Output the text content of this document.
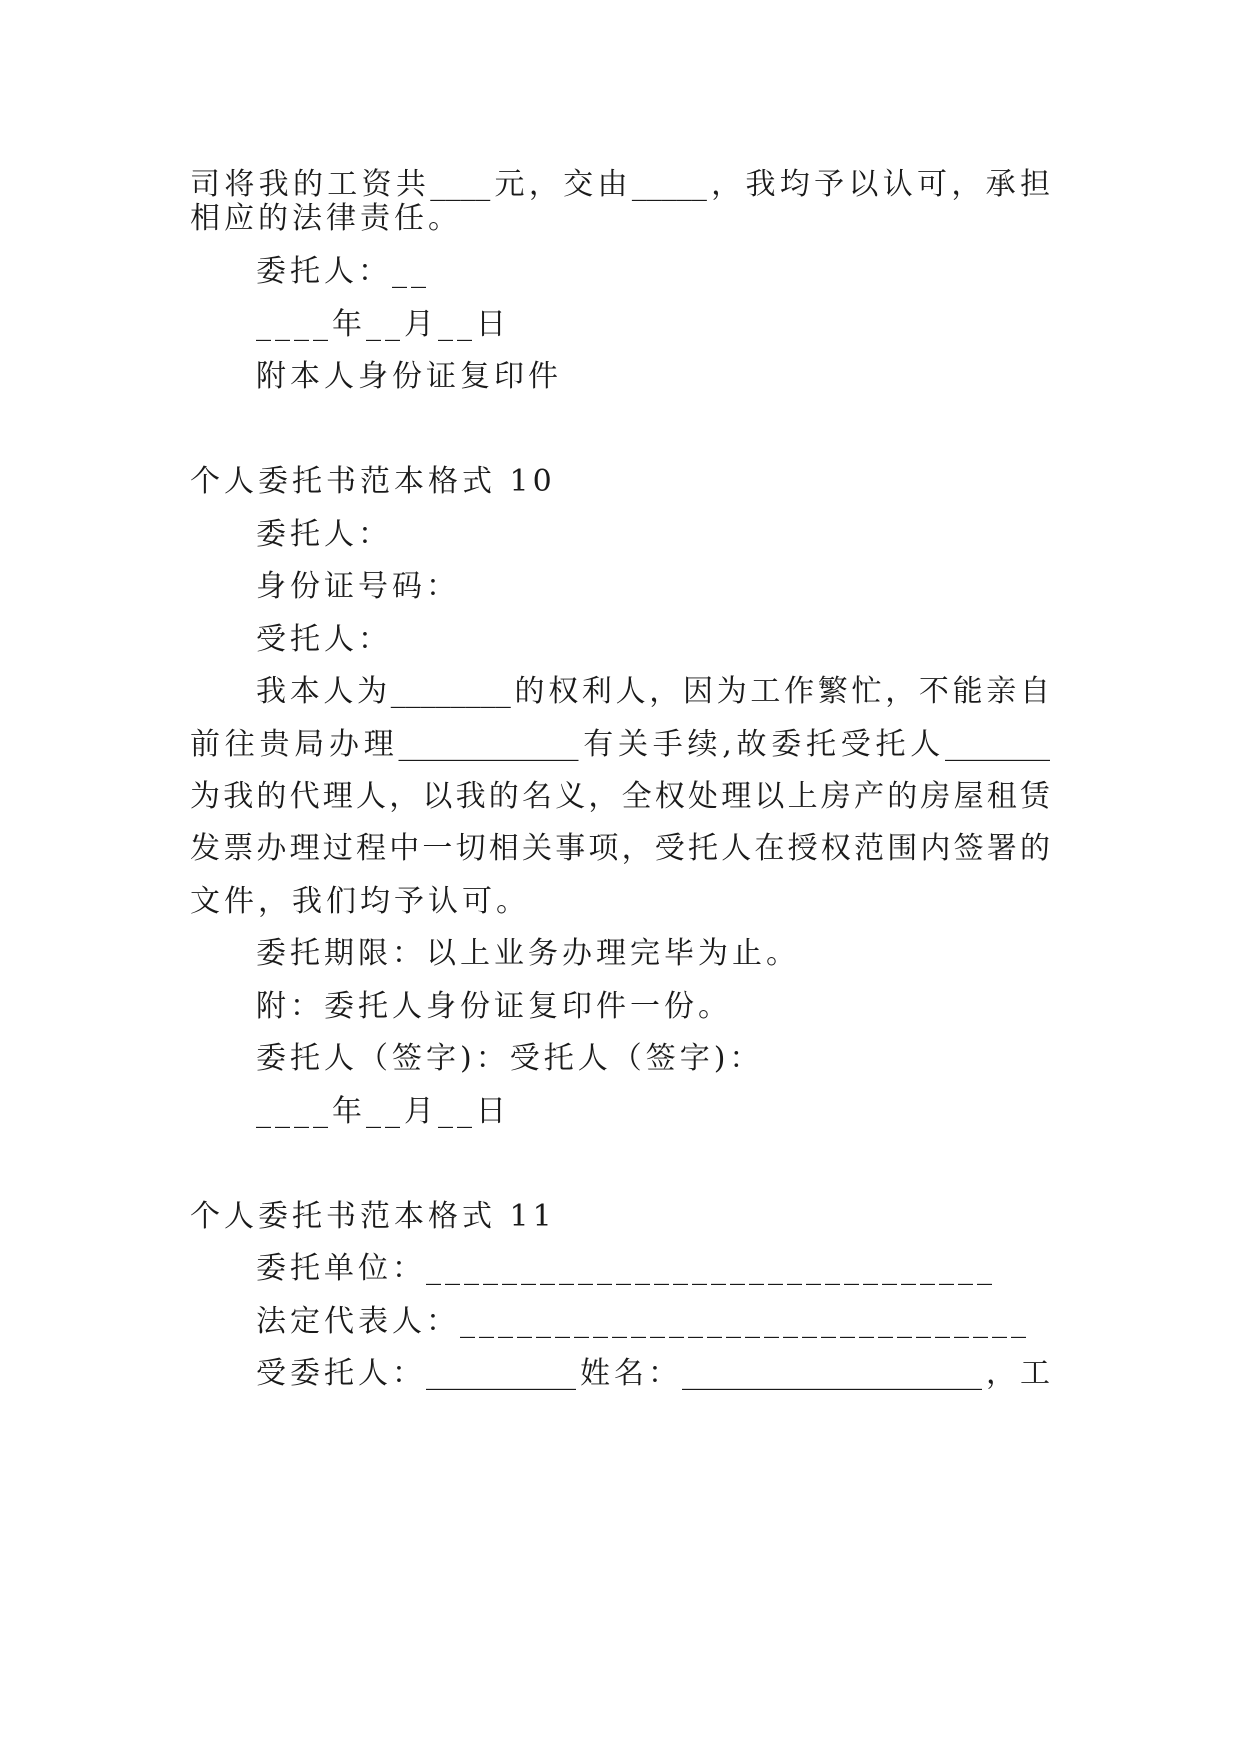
司将我的工资共____元，交由_____，我均予以认可，承担
相应的法律责任。
委托人：__
____年__月__日
附本人身份证复印件
个人委托书范本格式 10
委托人：
身份证号码：
受托人：
我本人为________的权利人，因为工作繁忙，不能亲自
前往贵局办理____________有关手续,故委托受托人_______
为我的代理人，以我的名义，全权处理以上房产的房屋租赁
发票办理过程中一切相关事项，受托人在授权范围内签署的
文件，我们均予认可。
委托期限：以上业务办理完毕为止。
附：委托人身份证复印件一份。
委托人（签字)：受托人（签字)：
____年__月__日
个人委托书范本格式 11
委托单位：______________________________
法定代表人：______________________________
受委托人：__________姓名：____________________，工
